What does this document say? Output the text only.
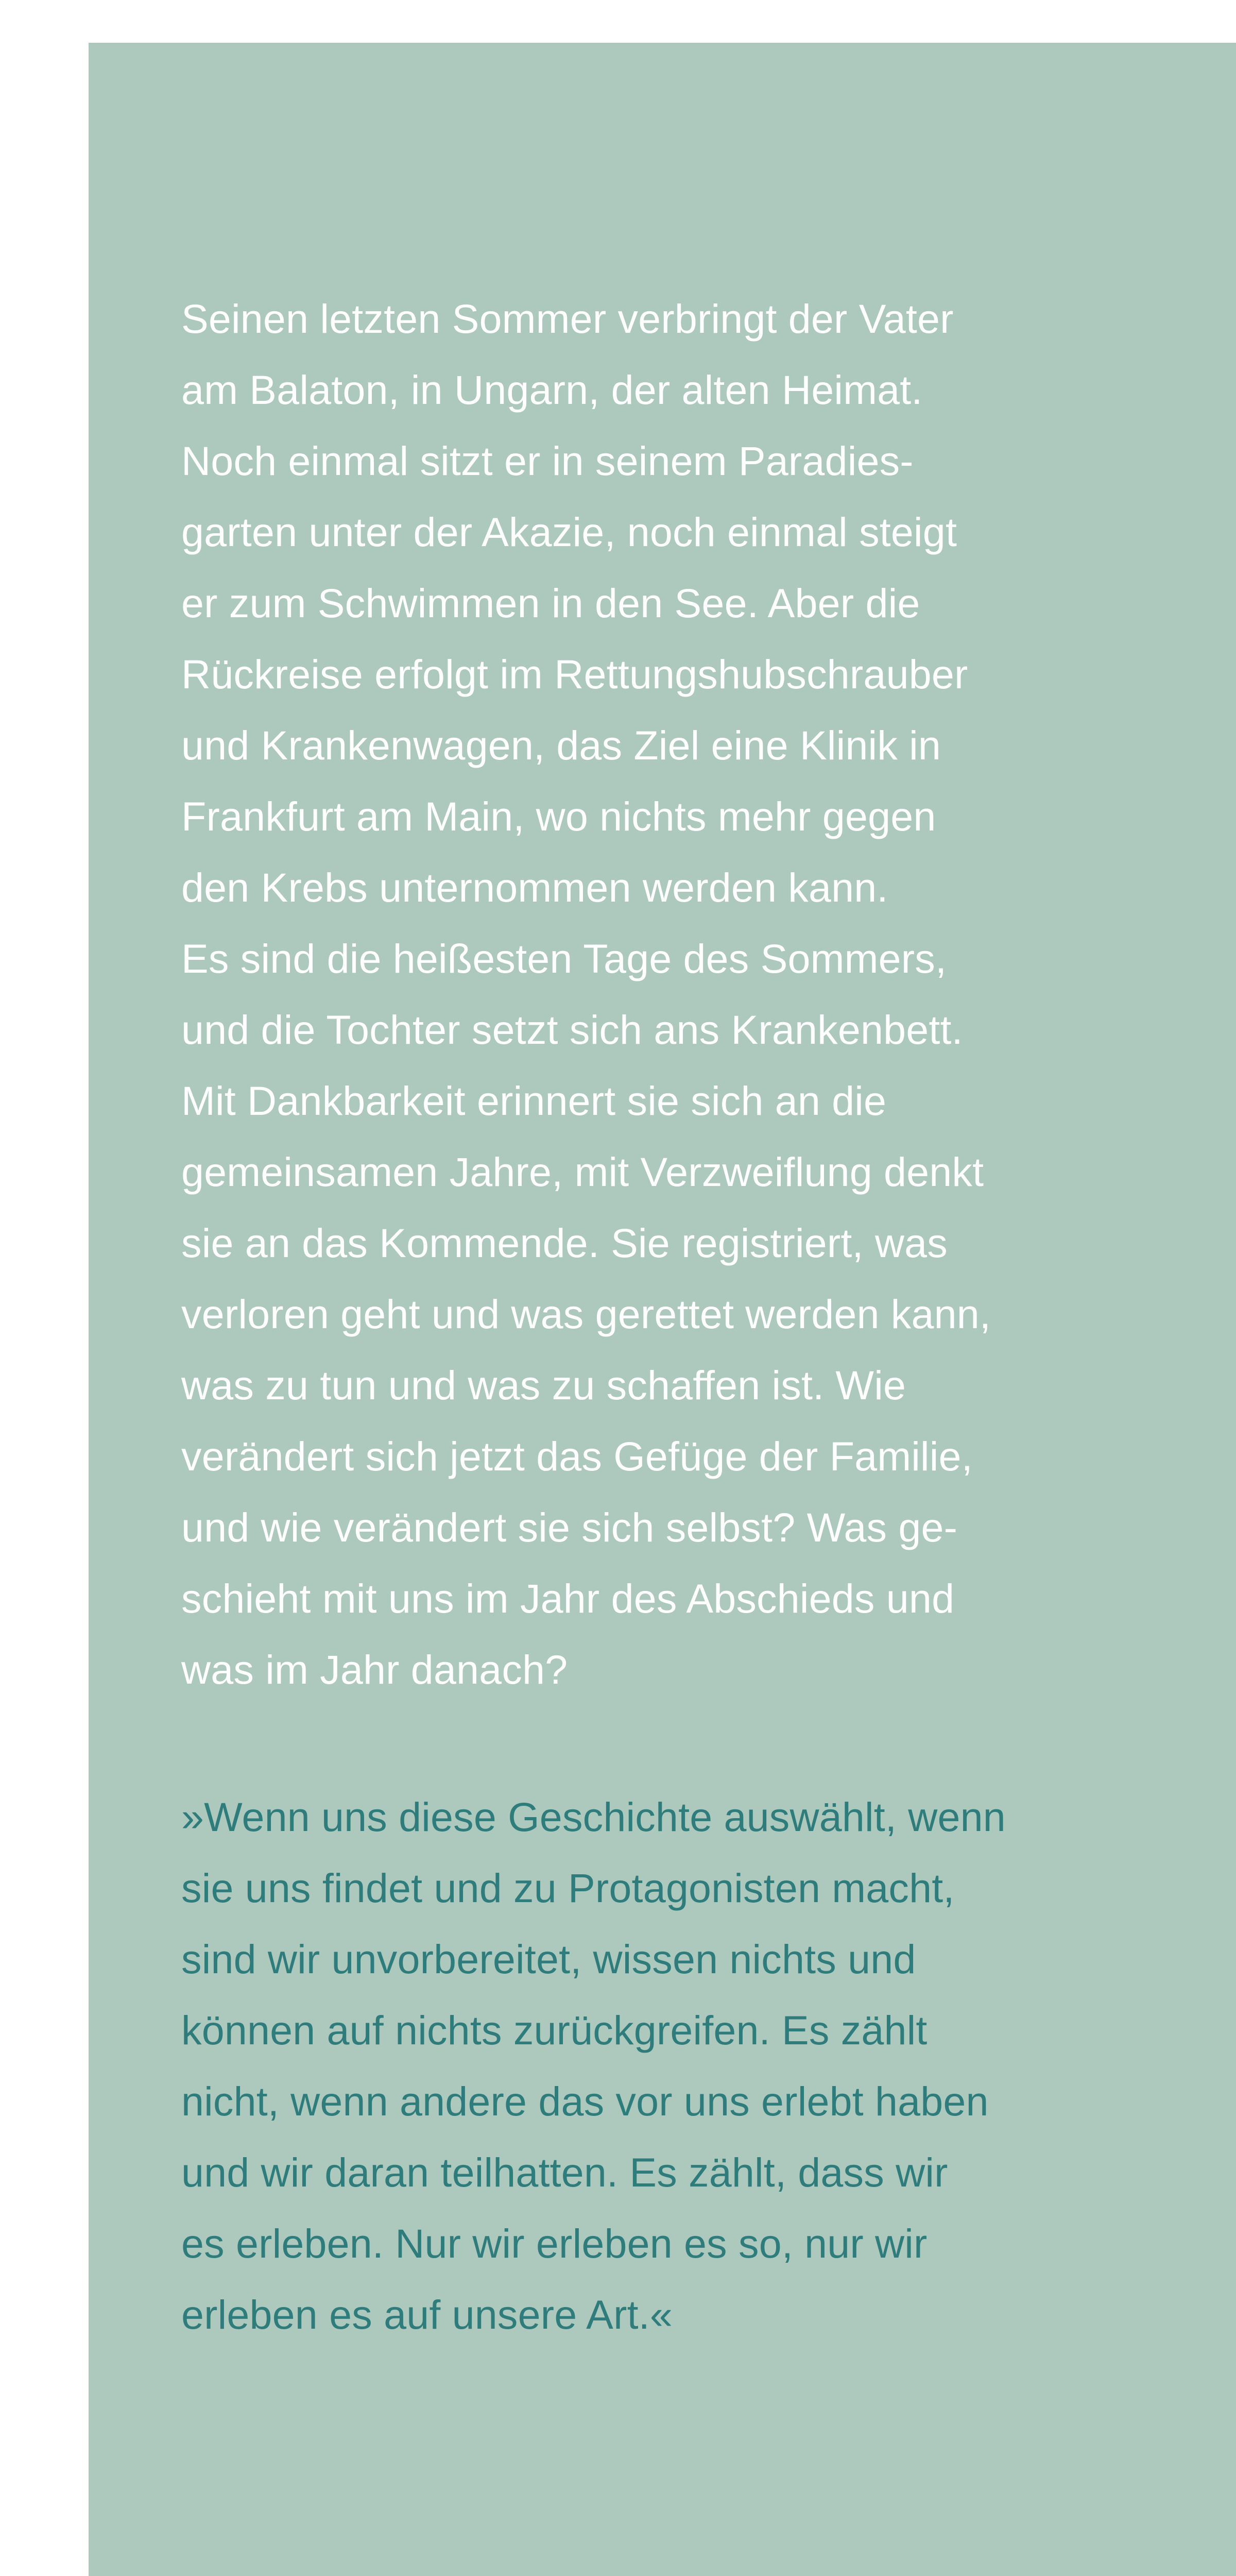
Seinen letzten Sommer verbringt der Vater
am Balaton, in Ungarn, der alten Heimat.
Noch einmal sitzt er in seinem Paradies-
garten unter der Akazie, noch einmal steigt
er zum Schwimmen in den See. Aber die
Rückreise erfolgt im Rettungshubschrauber
und Krankenwagen, das Ziel eine Klinik in
Frankfurt am Main, wo nichts mehr gegen
den Krebs unternommen werden kann.
Es sind die heißesten Tage des Sommers,
und die Tochter setzt sich ans Krankenbett.
Mit Dankbarkeit erinnert sie sich an die
gemeinsamen Jahre, mit Verzweiflung denkt
sie an das Kommende. Sie registriert, was
verloren geht und was gerettet werden kann,
was zu tun und was zu schaffen ist. Wie
verändert sich jetzt das Gefüge der Familie,
und wie verändert sie sich selbst? Was ge-
schieht mit uns im Jahr des Abschieds und
was im Jahr danach?
»Wenn uns diese Geschichte auswählt, wenn
sie uns findet und zu Protagonisten macht,
sind wir unvorbereitet, wissen nichts und
können auf nichts zurückgreifen. Es zählt
nicht, wenn andere das vor uns erlebt haben
und wir daran teilhatten. Es zählt, dass wir
es erleben. Nur wir erleben es so, nur wir
erleben es auf unsere Art.«
